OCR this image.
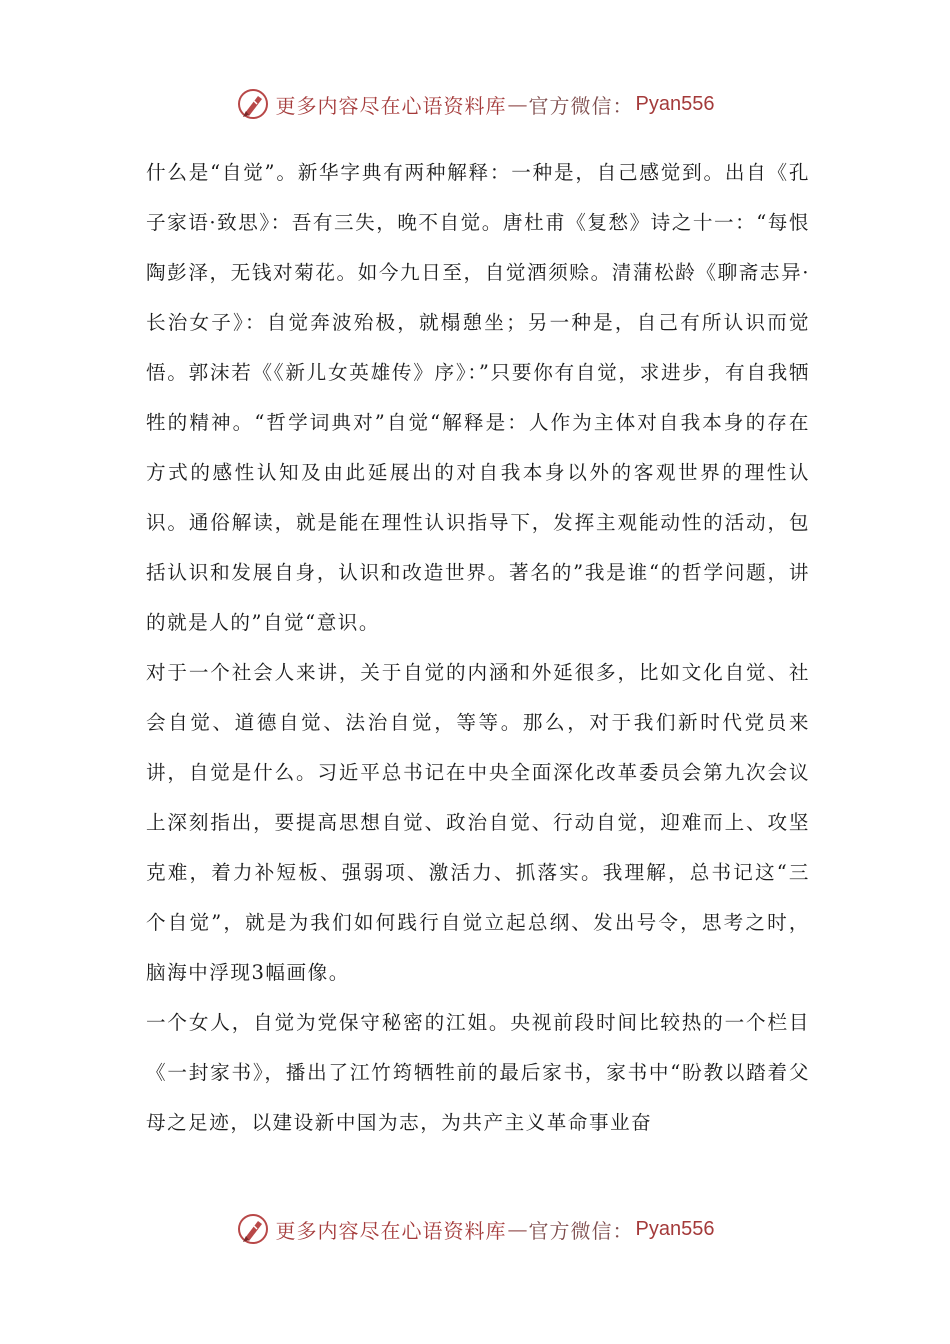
更多内容尽在心语资料库 — 官方微信： Pyan556

什么是“自觉”。新华字典有两种解释：一种是，自己感觉到。出自《孔子家语·致思》：吾有三失，晚不自觉。唐杜甫《复愁》诗之十一：“每恨陶彭泽，无钱对菊花。如今九日至，自觉酒须赊。清蒲松龄《聊斋志异·长治女子》：自觉奔波殆极，就榻憩坐；另一种是，自己有所认识而觉悟。郭沫若《《新儿女英雄传》序》：”只要你有自觉，求进步，有自我牺牲的精神。“哲学词典对”自觉“解释是：人作为主体对自我本身的存在方式的感性认知及由此延展出的对自我本身以外的客观世界的理性认识。通俗解读，就是能在理性认识指导下，发挥主观能动性的活动，包括认识和发展自身，认识和改造世界。著名的”我是谁“的哲学问题，讲的就是人的”自觉“意识。

对于一个社会人来讲，关于自觉的内涵和外延很多，比如文化自觉、社会自觉、道德自觉、法治自觉，等等。那么，对于我们新时代党员来讲，自觉是什么。习近平总书记在中央全面深化改革委员会第九次会议上深刻指出，要提高思想自觉、政治自觉、行动自觉，迎难而上、攻坚克难，着力补短板、强弱项、激活力、抓落实。我理解，总书记这“三个自觉”，就是为我们如何践行自觉立起总纲、发出号令，思考之时，脑海中浮现3幅画像。

一个女人，自觉为党保守秘密的江姐。央视前段时间比较热的一个栏目《一封家书》，播出了江竹筠牺牲前的最后家书，家书中“盼教以踏着父母之足迹，以建设新中国为志，为共产主义革命事业奋

更多内容尽在心语资料库 — 官方微信： Pyan556
